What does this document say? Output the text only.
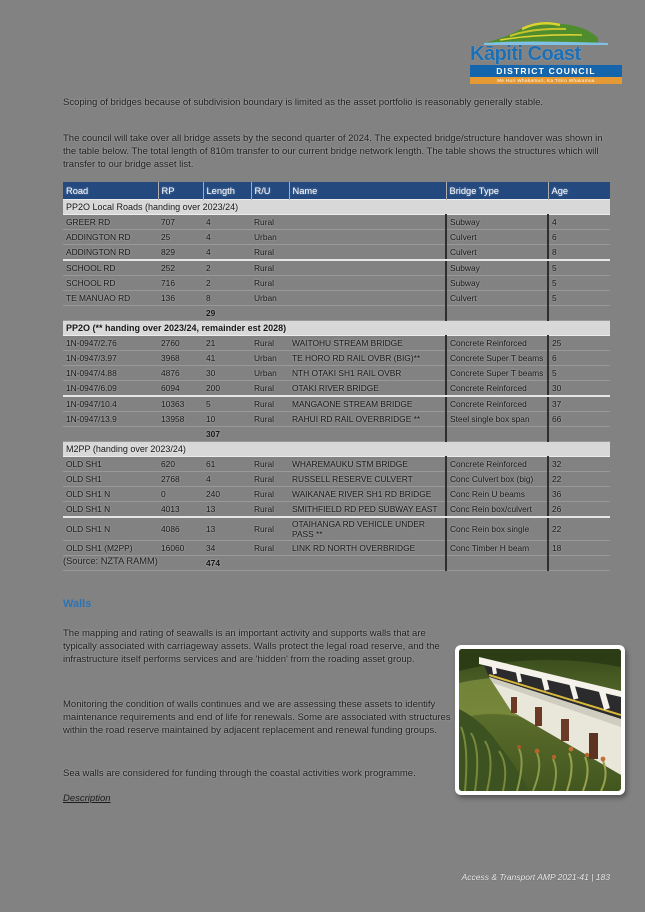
Kāpiti Coast
DISTRICT COUNCIL
Me Huri Whakamuri, Ka Titiro Whakamua

Scoping of bridges because of subdivision boundary is limited as the asset portfolio is reasonably generally stable.

The council will take over all bridge assets by the second quarter of 2024. The expected bridge/structure handover was shown in the table below. The total length of 810m transfer to our current bridge network length. The table shows the structures which will transfer to our bridge asset list.

Road	RP	Length	R/U	Name	Bridge Type	Age
PP2O Local Roads (handing over 2023/24)						
GREER RD	707	4	Rural		Subway	4
ADDINGTON RD	25	4	Urban		Culvert	6
ADDINGTON RD	829	4	Rural		Culvert	8
SCHOOL RD	252	2	Rural		Subway	5
SCHOOL RD	716	2	Rural		Subway	5
TE MANUAO RD	136	8	Urban		Culvert	5
		29				
PP2O (** handing over 2023/24, remainder est 2028)						
1N-0947/2.76	2760	21	Rural	WAITOHU STREAM BRIDGE	Concrete Reinforced	25
1N-0947/3.97	3968	41	Urban	TE HORO RD RAIL OVBR (BIG)**	Concrete Super T beams	6
1N-0947/4.88	4876	30	Urban	NTH OTAKI SH1 RAIL OVBR	Concrete Super T beams	5
1N-0947/6.09	6094	200	Rural	OTAKI RIVER BRIDGE	Concrete Reinforced	30
1N-0947/10.4	10363	5	Rural	MANGAONE STREAM BRIDGE	Concrete Reinforced	37
1N-0947/13.9	13958	10	Rural	RAHUI RD RAIL OVERBRIDGE **	Steel single box span	66
		307				
M2PP (handing over 2023/24)						
OLD SH1	620	61	Rural	WHAREMAUKU STM BRIDGE	Concrete Reinforced	32
OLD SH1	2768	4	Rural	RUSSELL RESERVE CULVERT	Conc Culvert box (big)	22
OLD SH1 N	0	240	Rural	WAIKANAE RIVER SH1 RD BRIDGE	Conc Rein U beams	36
OLD SH1 N	4013	13	Rural	SMITHFIELD RD PED SUBWAY EAST	Conc Rein box/culvert	26
OLD SH1 N	4086	13	Rural	OTAIHANGA RD VEHICLE UNDER
PASS **	Conc Rein box single	22
OLD SH1 (M2PP)	16060	34	Rural	LINK RD NORTH OVERBRIDGE	Conc Timber H beam	18
		474				
(Source: NZTA RAMM)
Walls

The mapping and rating of seawalls is an important activity and supports walls that are typically associated with carriageway assets. Walls protect the legal road reserve, and the infrastructure itself performs services and are 'hidden' from the roading asset group.

Monitoring the condition of walls continues and we are assessing these assets to identify maintenance requirements and end of life for renewals. Some are associated with structures within the road reserve maintained by adjacent replacement and renewal funding groups.

Sea walls are considered for funding through the coastal activities work programme.

Description
Access & Transport AMP 2021-41 | 183
